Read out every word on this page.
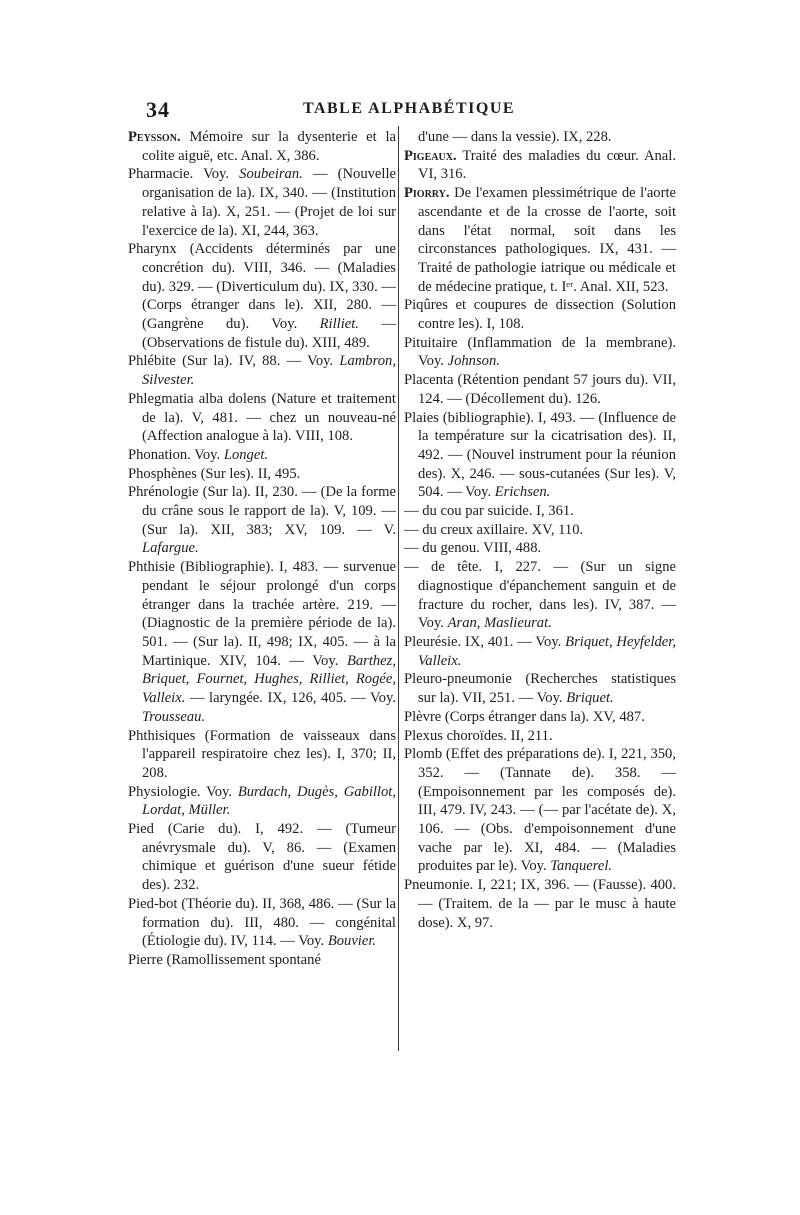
34	TABLE ALPHABÉTIQUE

Peysson. Mémoire sur la dysenterie et la colite aiguë, etc. Anal. X, 386.

Pharmacie. Voy. Soubeiran. — (Nouvelle organisation de la). IX, 340. — (Institution relative à la). X, 251. — (Projet de loi sur l'exercice de la). XI, 244, 363.

Pharynx (Accidents déterminés par une concrétion du). VIII, 346. — (Maladies du). 329. — (Diverticulum du). IX, 330. — (Corps étranger dans le). XII, 280. — (Gangrène du). Voy. Rilliet. — (Observations de fistule du). XIII, 489.

Phlébite (Sur la). IV, 88. — Voy. Lambron, Silvester.

Phlegmatia alba dolens (Nature et traitement de la). V, 481. — chez un nouveau-né (Affection analogue à la). VIII, 108.

Phonation. Voy. Longet.

Phosphènes (Sur les). II, 495.

Phrénologie (Sur la). II, 230. — (De la forme du crâne sous le rapport de la). V, 109. — (Sur la). XII, 383; XV, 109. — V. Lafargue.

Phthisie (Bibliographie). I, 483. — survenue pendant le séjour prolongé d'un corps étranger dans la trachée artère. 219. — (Diagnostic de la première période de la). 501. — (Sur la). II, 498; IX, 405. — à la Martinique. XIV, 104. — Voy. Barthez, Briquet, Fournet, Hughes, Rilliet, Rogée, Valleix. — laryngée. IX, 126, 405. — Voy. Trousseau.

Phthisiques (Formation de vaisseaux dans l'appareil respiratoire chez les). I, 370; II, 208.

Physiologie. Voy. Burdach, Dugès, Gabillot, Lordat, Müller.

Pied (Carie du). I, 492. — (Tumeur anévrysmale du). V, 86. — (Examen chimique et guérison d'une sueur fétide des). 232.

Pied-bot (Théorie du). II, 368, 486. — (Sur la formation du). III, 480. — congénital (Étiologie du). IV, 114. — Voy. Bouvier.

Pierre (Ramollissement spontané

d'une — dans la vessie). IX, 228.

Pigeaux. Traité des maladies du cœur. Anal. VI, 316.

Piorry. De l'examen plessimétrique de l'aorte ascendante et de la crosse de l'aorte, soit dans l'état normal, soit dans les circonstances pathologiques. IX, 431. — Traité de pathologie iatrique ou médicale et de médecine pratique, t. Iᵉʳ. Anal. XII, 523.

Piqûres et coupures de dissection (Solution contre les). I, 108.

Pituitaire (Inflammation de la membrane). Voy. Johnson.

Placenta (Rétention pendant 57 jours du). VII, 124. — (Décollement du). 126.

Plaies (bibliographie). I, 493. — (Influence de la température sur la cicatrisation des). II, 492. — (Nouvel instrument pour la réunion des). X, 246. — sous-cutanées (Sur les). V, 504. — Voy. Erichsen.

— du cou par suicide. I, 361.

— du creux axillaire. XV, 110.

— du genou. VIII, 488.

— de tête. I, 227. — (Sur un signe diagnostique d'épanchement sanguin et de fracture du rocher, dans les). IV, 387. — Voy. Aran, Maslieurat.

Pleurésie. IX, 401. — Voy. Briquet, Heyfelder, Valleix.

Pleuro-pneumonie (Recherches statistiques sur la). VII, 251. — Voy. Briquet.

Plèvre (Corps étranger dans la). XV, 487.

Plexus choroïdes. II, 211.

Plomb (Effet des préparations de). I, 221, 350, 352. — (Tannate de). 358. — (Empoisonnement par les composés de). III, 479. IV, 243. — (— par l'acétate de). X, 106. — (Obs. d'empoisonnement d'une vache par le). XI, 484. — (Maladies produites par le). Voy. Tanquerel.

Pneumonie. I, 221; IX, 396. — (Fausse). 400. — (Traitem. de la — par le musc à haute dose). X, 97.
